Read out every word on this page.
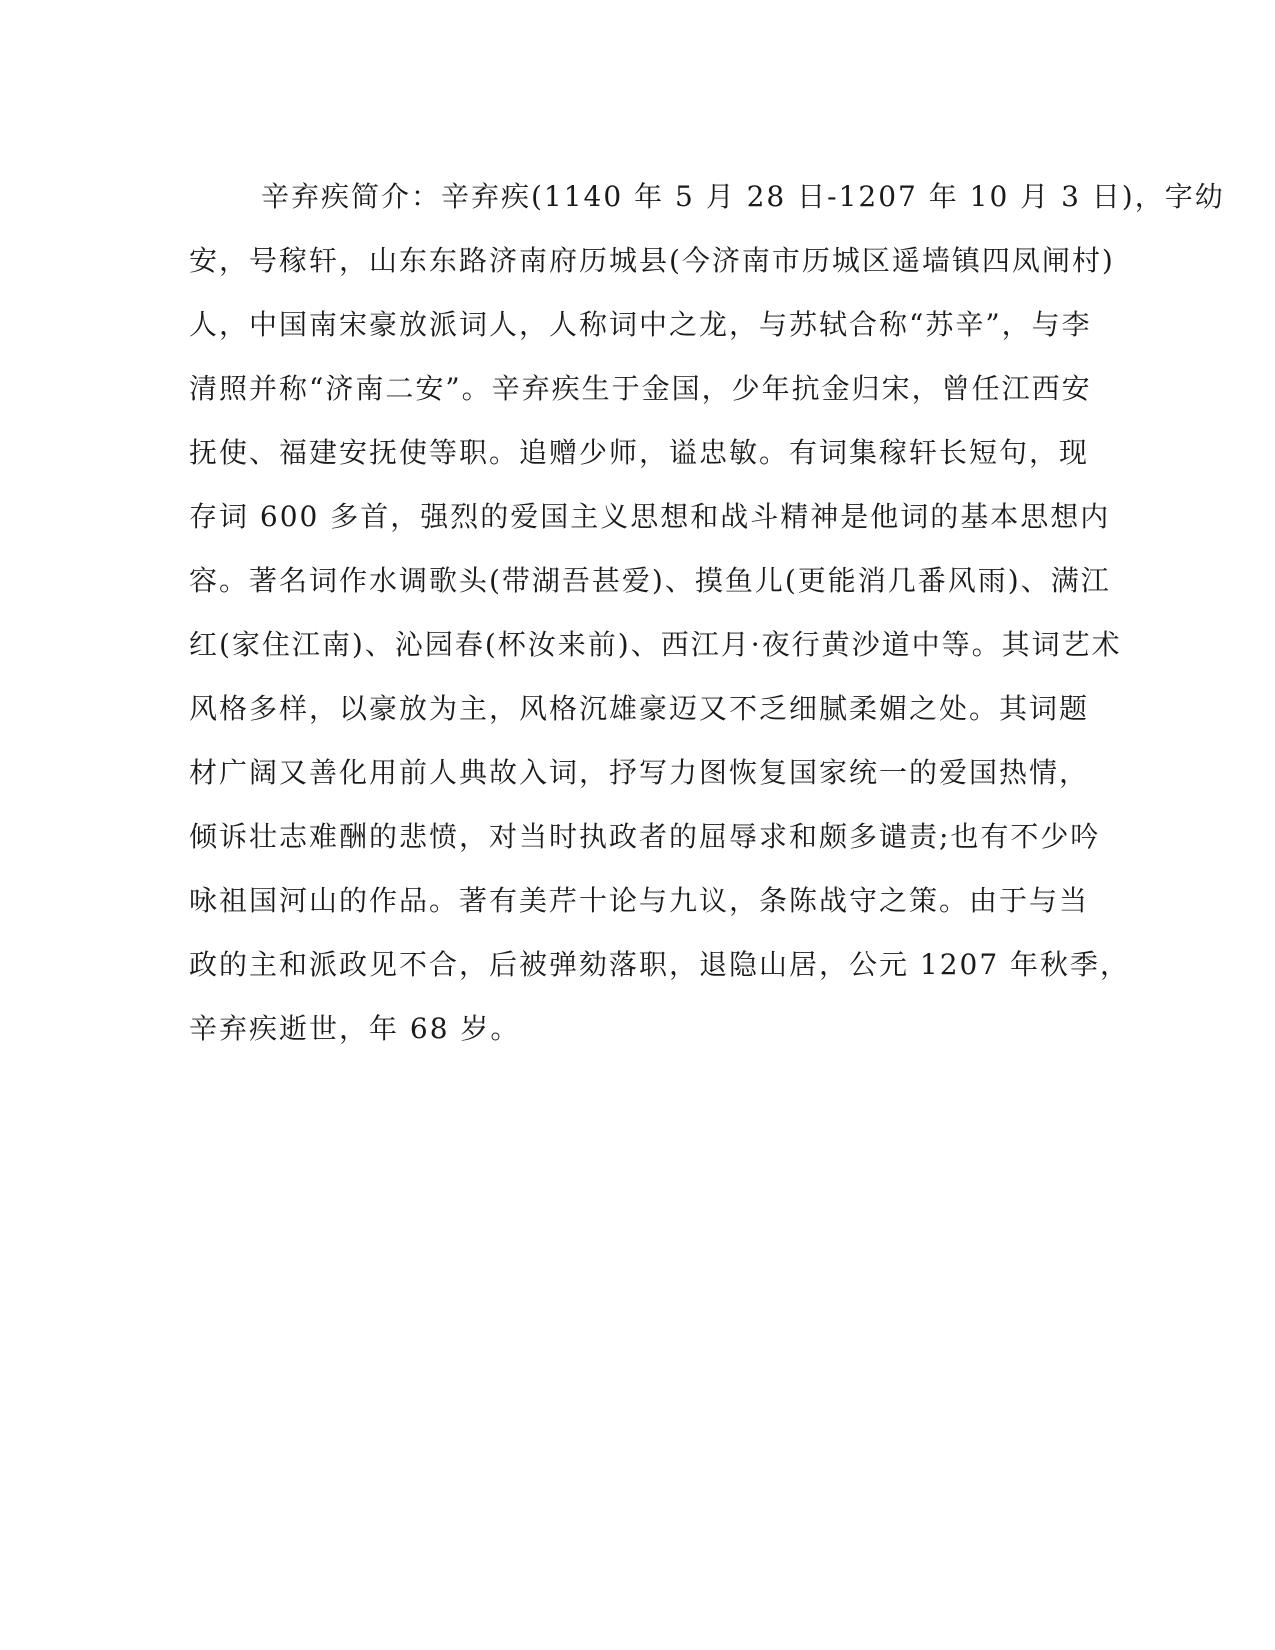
辛弃疾简介：辛弃疾(1140 年 5 月 28 日-1207 年 10 月 3 日)，字幼
安，号稼轩，山东东路济南府历城县(今济南市历城区遥墙镇四凤闸村)
人，中国南宋豪放派词人，人称词中之龙，与苏轼合称“苏辛”，与李
清照并称“济南二安”。辛弃疾生于金国，少年抗金归宋，曾任江西安
抚使、福建安抚使等职。追赠少师，谥忠敏。有词集稼轩长短句，现
存词 600 多首，强烈的爱国主义思想和战斗精神是他词的基本思想内
容。著名词作水调歌头(带湖吾甚爱)、摸鱼儿(更能消几番风雨)、满江
红(家住江南)、沁园春(杯汝来前)、西江月·夜行黄沙道中等。其词艺术
风格多样，以豪放为主，风格沉雄豪迈又不乏细腻柔媚之处。其词题
材广阔又善化用前人典故入词，抒写力图恢复国家统一的爱国热情，
倾诉壮志难酬的悲愤，对当时执政者的屈辱求和颇多谴责;也有不少吟
咏祖国河山的作品。著有美芹十论与九议，条陈战守之策。由于与当
政的主和派政见不合，后被弹劾落职，退隐山居，公元 1207 年秋季，
辛弃疾逝世，年 68 岁。
